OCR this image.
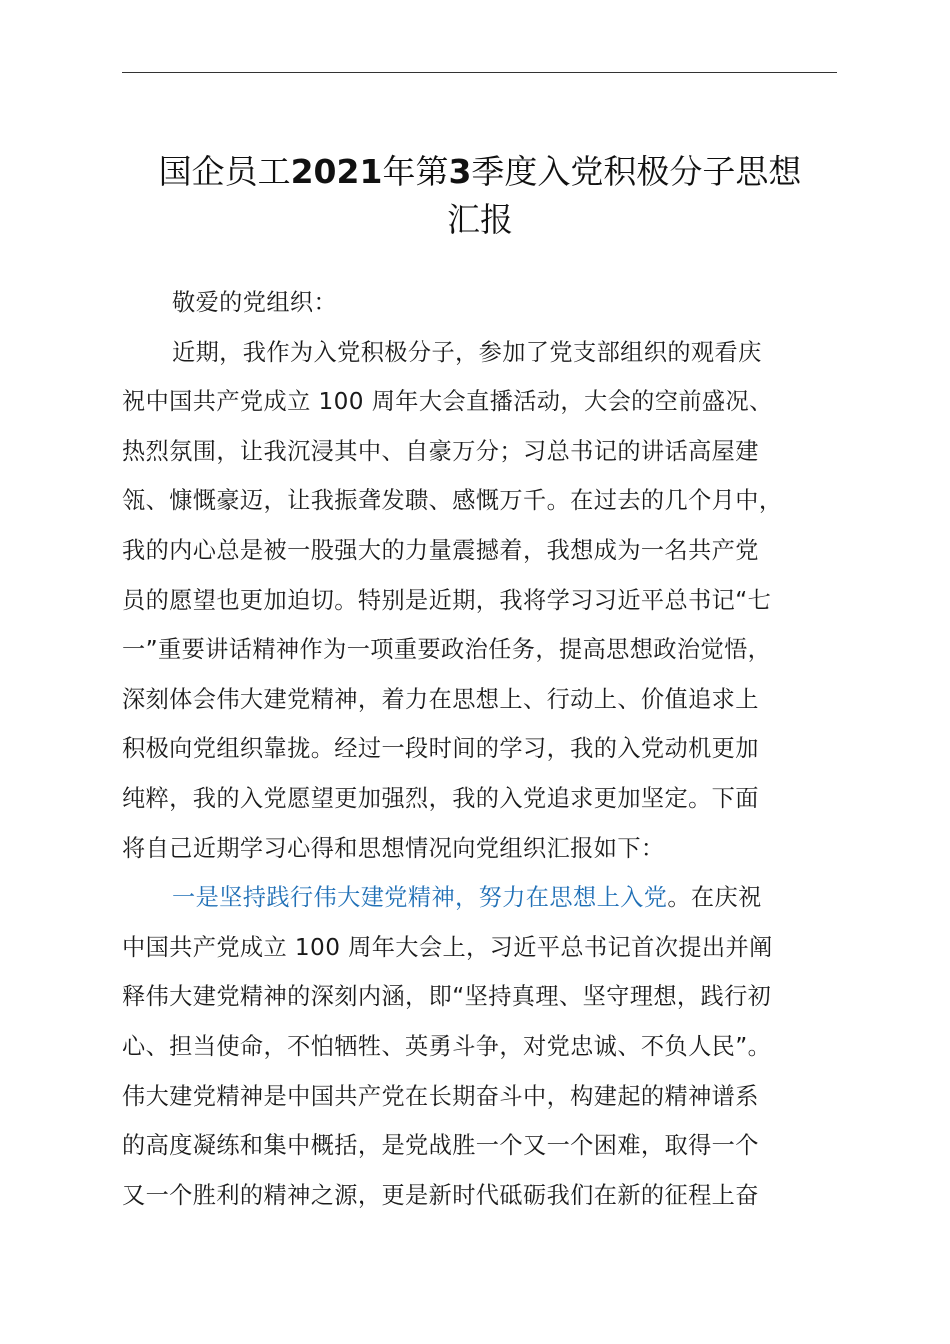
国企员工2021年第3季度入党积极分子思想
汇报
敬爱的党组织：
近期，我作为入党积极分子，参加了党支部组织的观看庆
祝中国共产党成立 100 周年大会直播活动，大会的空前盛况、
热烈氛围，让我沉浸其中、自豪万分；习总书记的讲话高屋建
瓴、慷慨豪迈，让我振聋发聩、感慨万千。在过去的几个月中，
我的内心总是被一股强大的力量震撼着，我想成为一名共产党
员的愿望也更加迫切。特别是近期，我将学习习近平总书记“七
一”重要讲话精神作为一项重要政治任务，提高思想政治觉悟，
深刻体会伟大建党精神，着力在思想上、行动上、价值追求上
积极向党组织靠拢。经过一段时间的学习，我的入党动机更加
纯粹，我的入党愿望更加强烈，我的入党追求更加坚定。下面
将自己近期学习心得和思想情况向党组织汇报如下：
一是坚持践行伟大建党精神，努力在思想上入党。在庆祝
中国共产党成立 100 周年大会上，习近平总书记首次提出并阐
释伟大建党精神的深刻内涵，即“坚持真理、坚守理想，践行初
心、担当使命，不怕牺牲、英勇斗争，对党忠诚、不负人民”。
伟大建党精神是中国共产党在长期奋斗中，构建起的精神谱系
的高度凝练和集中概括，是党战胜一个又一个困难，取得一个
又一个胜利的精神之源，更是新时代砥砺我们在新的征程上奋
